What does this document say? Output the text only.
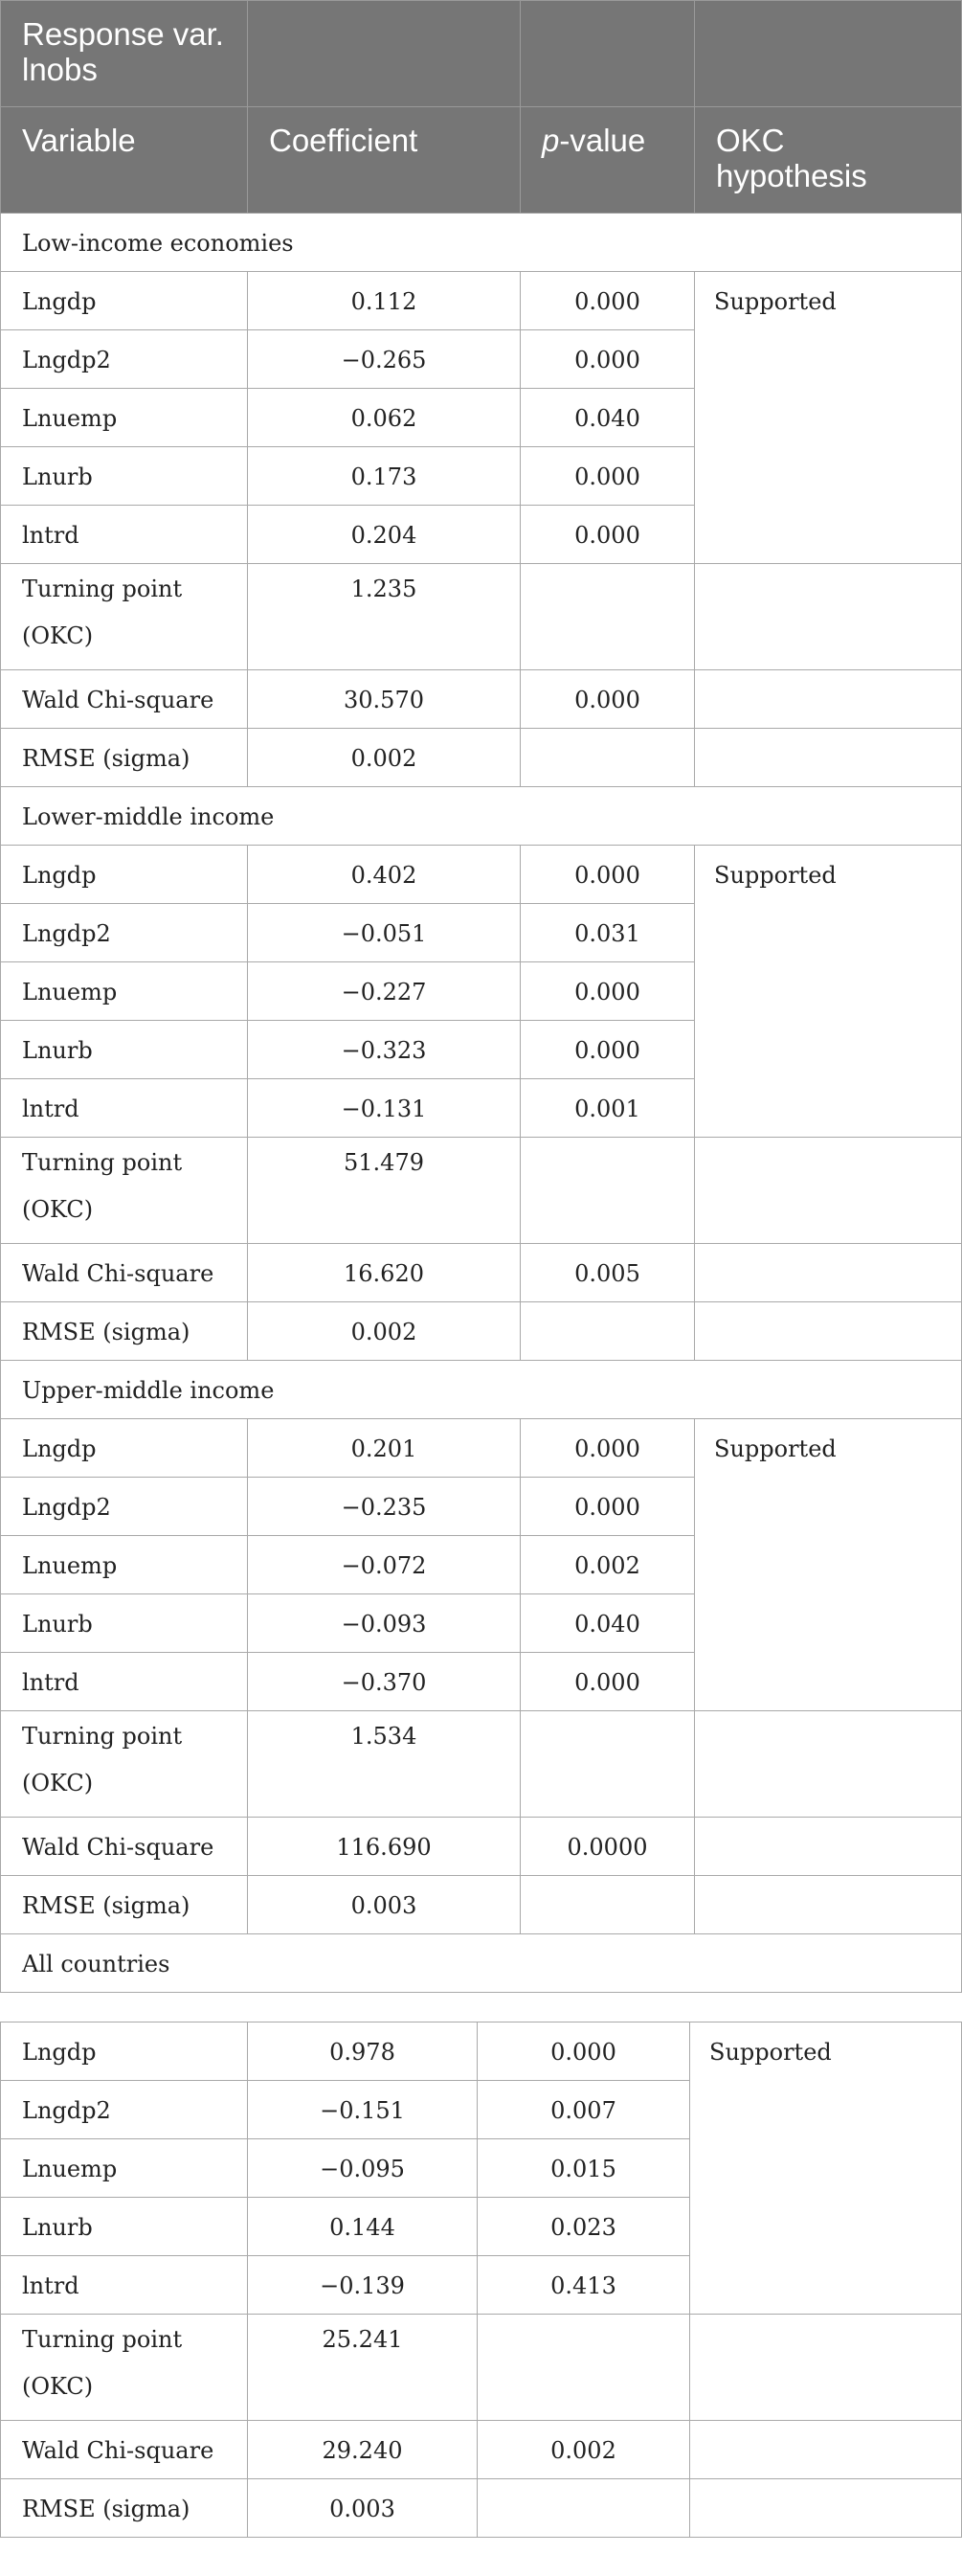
Response var. lnobs			
Variable	Coefficient	p-value	OKC hypothesis
Low-income economies			
Lngdp	0.112	0.000	Supported
Lngdp2	−0.265	0.000	
Lnuemp	0.062	0.040	
Lnurb	0.173	0.000	
lntrd	0.204	0.000	
Turning point (OKC)	1.235		
Wald Chi-square	30.570	0.000	
RMSE (sigma)	0.002		
Lower-middle income			
Lngdp	0.402	0.000	Supported
Lngdp2	−0.051	0.031	
Lnuemp	−0.227	0.000	
Lnurb	−0.323	0.000	
lntrd	−0.131	0.001	
Turning point (OKC)	51.479		
Wald Chi-square	16.620	0.005	
RMSE (sigma)	0.002		
Upper-middle income			
Lngdp	0.201	0.000	Supported
Lngdp2	−0.235	0.000	
Lnuemp	−0.072	0.002	
Lnurb	−0.093	0.040	
lntrd	−0.370	0.000	
Turning point (OKC)	1.534		
Wald Chi-square	116.690	0.0000	
RMSE (sigma)	0.003		
All countries			
Lngdp	0.978	0.000	Supported
Lngdp2	−0.151	0.007	
Lnuemp	−0.095	0.015	
Lnurb	0.144	0.023	
lntrd	−0.139	0.413	
Turning point (OKC)	25.241		
Wald Chi-square	29.240	0.002	
RMSE (sigma)	0.003		
